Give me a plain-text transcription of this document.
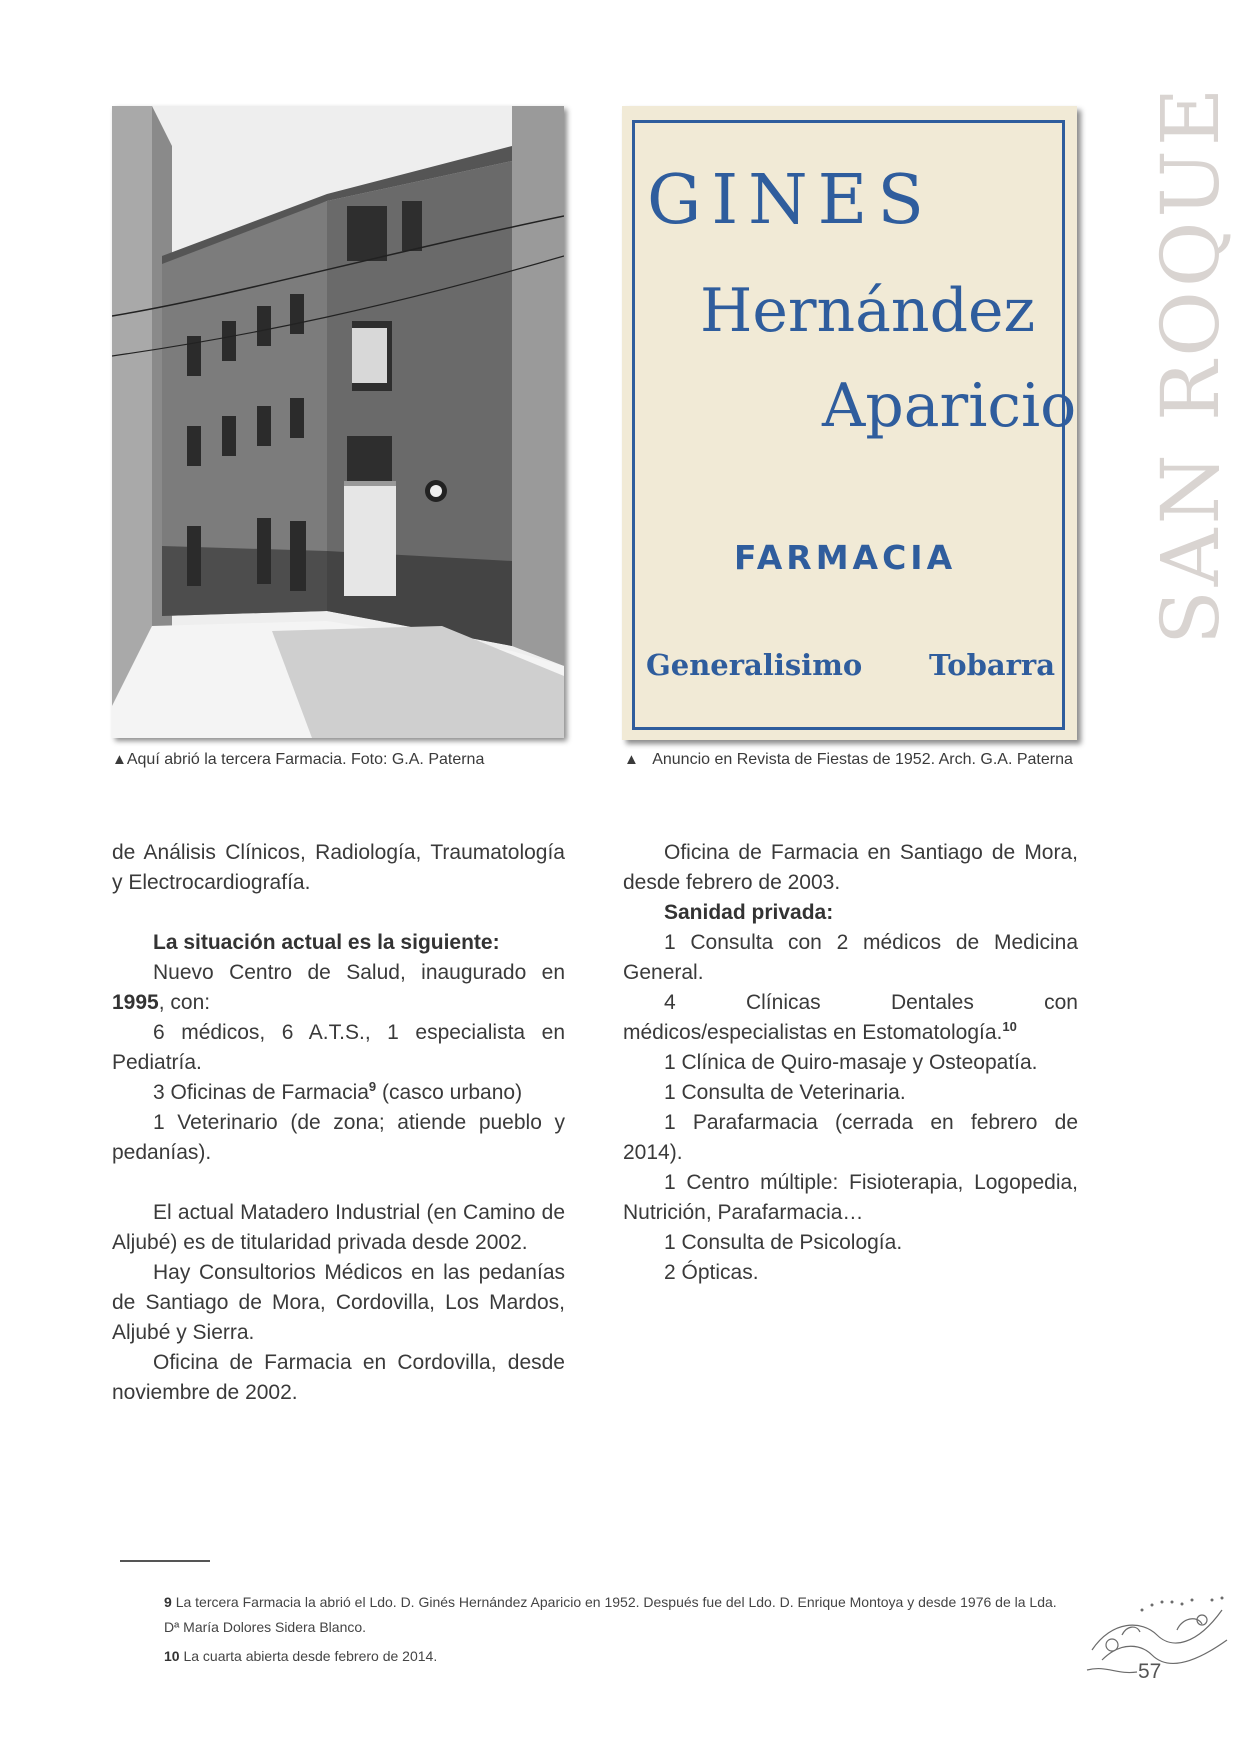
GINES
Hernández
Aparicio
FARMACIA
Generalisimo Tobarra
▲Aquí abrió la tercera Farmacia. Foto: G.A. Paterna	▲ Anuncio en Revista de Fiestas de 1952. Arch. G.A. Paterna
SAN ROQUE

de Análisis Clínicos, Radiología, Traumatología y Electrocardiografía.

La situación actual es la siguiente:

Nuevo Centro de Salud, inaugurado en 1995, con:

6 médicos, 6 A.T.S., 1 especialista en Pediatría.

3 Oficinas de Farmacia$^9$ (casco urbano)

1 Veterinario (de zona; atiende pueblo y pedanías).

El actual Matadero Industrial (en Camino de Aljubé) es de titularidad privada desde 2002.

Hay Consultorios Médicos en las pedanías de Santiago de Mora, Cordovilla, Los Mardos, Aljubé y Sierra.

Oficina de Farmacia en Cordovilla, desde noviembre de 2002.

Oficina de Farmacia en Santiago de Mora, desde febrero de 2003.

Sanidad privada:

1 Consulta con 2 médicos de Medicina General.

4 Clínicas Dentales con médicos/especialistas en Estomatología.$^{10}$

1 Clínica de Quiro-masaje y Osteopatía.

1 Consulta de Veterinaria.

1 Parafarmacia (cerrada en febrero de 2014).

1 Centro múltiple: Fisioterapia, Logopedia, Nutrición, Parafarmacia…

1 Consulta de Psicología.

2 Ópticas.

9 La tercera Farmacia la abrió el Ldo. D. Ginés Hernández Aparicio en 1952. Después fue del Ldo. D. Enrique Montoya y desde 1976 de la Lda. Dª María Dolores Sidera Blanco.

10 La cuarta abierta desde febrero de 2014.

57
